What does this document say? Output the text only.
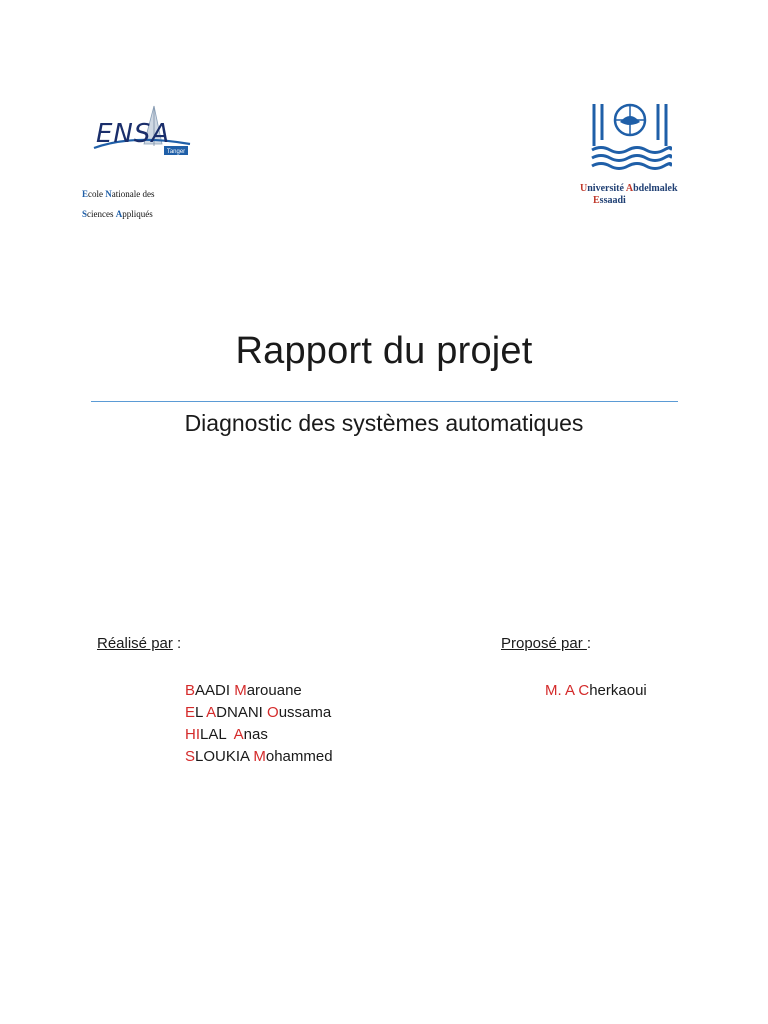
Tanger
ENSA
Ecole Nationale des
Sciences Appliqués
Université Abdelmalek
Essaadi
Rapport du projet
Diagnostic des systèmes automatiques
Réalisé par :
BAADI Marouane
EL ADNANI Oussama
HILAL  Anas
SLOUKIA Mohammed
Proposé par :
M. A Cherkaoui
